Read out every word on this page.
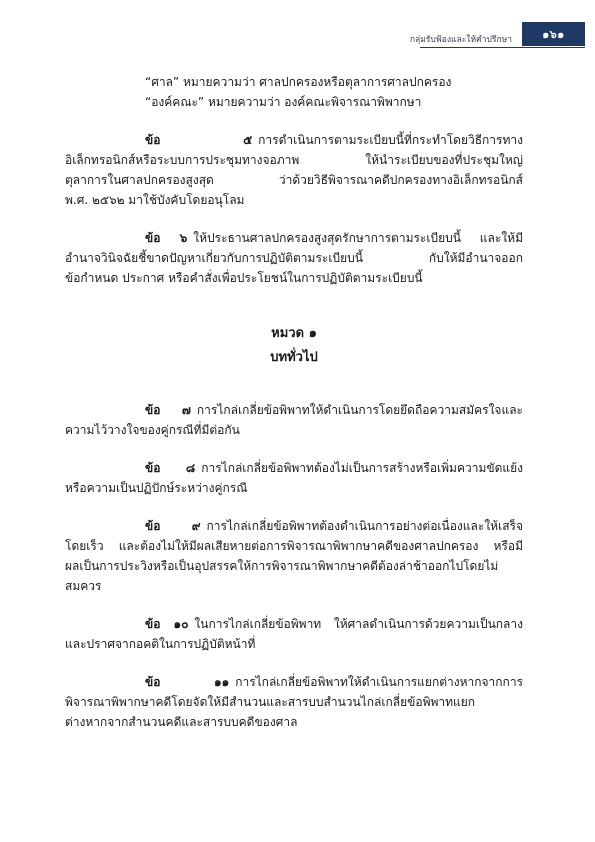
กลุ่มรับฟ้องและให้คำปรึกษา	๑๖๑
“ศาล” หมายความว่า ศาลปกครองหรือตุลาการศาลปกครอง
“องค์คณะ” หมายความว่า องค์คณะพิจารณาพิพากษา
ข้อ ๕ การดำเนินการตามระเบียบนี้ที่กระทำโดยวิธีการทาง
อิเล็กทรอนิกส์หรือระบบการประชุมทางจอภาพ ให้นำระเบียบของที่ประชุมใหญ่
ตุลาการในศาลปกครองสูงสุด ว่าด้วยวิธีพิจารณาคดีปกครองทางอิเล็กทรอนิกส์
พ.ศ. ๒๕๖๒ มาใช้บังคับโดยอนุโลม
ข้อ ๖ ให้ประธานศาลปกครองสูงสุดรักษาการตามระเบียบนี้ และให้มี
อำนาจวินิจฉัยชี้ขาดปัญหาเกี่ยวกับการปฏิบัติตามระเบียบนี้ กับให้มีอำนาจออก
ข้อกำหนด ประกาศ หรือคำสั่งเพื่อประโยชน์ในการปฏิบัติตามระเบียบนี้
หมวด ๑
บททั่วไป
ข้อ ๗ การไกล่เกลี่ยข้อพิพาทให้ดำเนินการโดยยึดถือความสมัครใจและ
ความไว้วางใจของคู่กรณีที่มีต่อกัน
ข้อ ๘ การไกล่เกลี่ยข้อพิพาทต้องไม่เป็นการสร้างหรือเพิ่มความขัดแย้ง
หรือความเป็นปฏิปักษ์ระหว่างคู่กรณี
ข้อ ๙ การไกล่เกลี่ยข้อพิพาทต้องดำเนินการอย่างต่อเนื่องและให้เสร็จ
โดยเร็ว และต้องไม่ให้มีผลเสียหายต่อการพิจารณาพิพากษาคดีของศาลปกครอง หรือมี
ผลเป็นการประวิงหรือเป็นอุปสรรคให้การพิจารณาพิพากษาคดีต้องล่าช้าออกไปโดยไม่
สมควร
ข้อ ๑๐ ในการไกล่เกลี่ยข้อพิพาท ให้ศาลดำเนินการด้วยความเป็นกลาง
และปราศจากอคติในการปฏิบัติหน้าที่
ข้อ ๑๑ การไกล่เกลี่ยข้อพิพาทให้ดำเนินการแยกต่างหากจากการ
พิจารณาพิพากษาคดีโดยจัดให้มีสำนวนและสารบบสำนวนไกล่เกลี่ยข้อพิพาทแยก
ต่างหากจากสำนวนคดีและสารบบคดีของศาล
